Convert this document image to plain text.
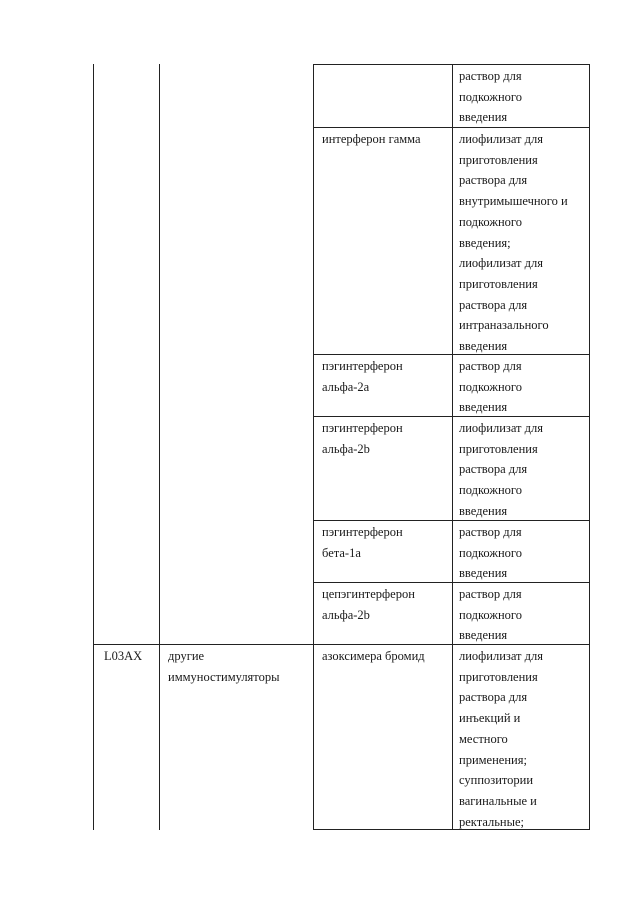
раствор для
подкожного
введения
интерферон гамма	лиофилизат для
приготовления
раствора для
внутримышечного и
подкожного
введения;
лиофилизат для
приготовления
раствора для
интраназального
введения
пэгинтерферон
альфа-2а
раствор для
подкожного
введения
пэгинтерферон
альфа-2b
лиофилизат для
приготовления
раствора для
подкожного
введения
пэгинтерферон
бета-1а
раствор для
подкожного
введения
цепэгинтерферон
альфа-2b
раствор для
подкожного
введения
L03AX другие
иммуностимуляторы
азоксимера бромид	лиофилизат для
приготовления
раствора для
инъекций и
местного
применения;
суппозитории
вагинальные и
ректальные;
